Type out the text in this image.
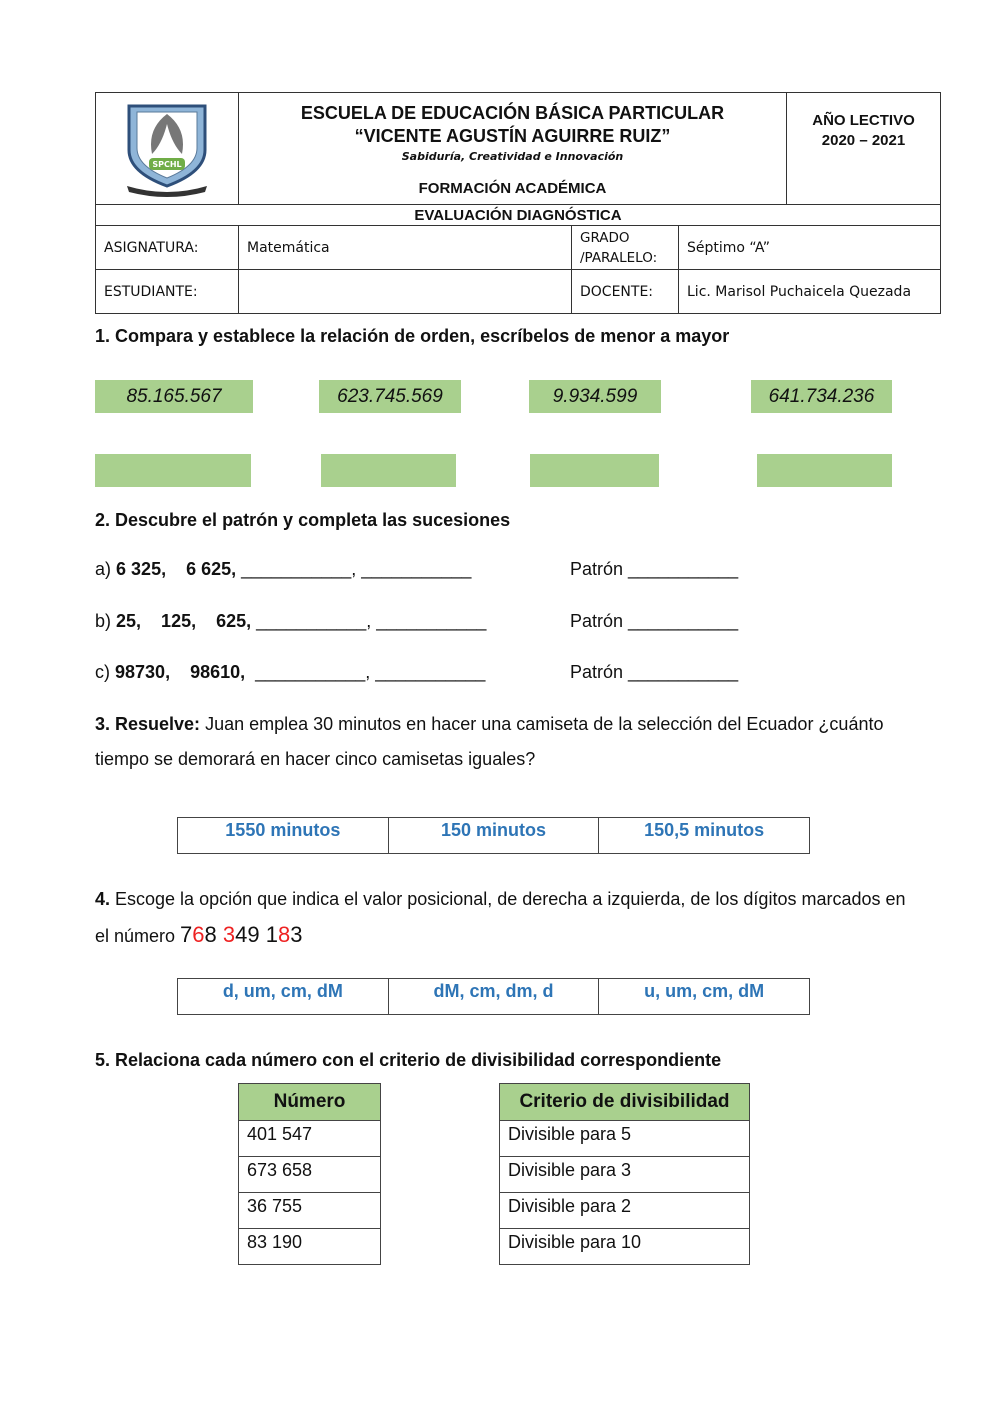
SPCHL

ESCUELA DE EDUCACIÓN BÁSICA PARTICULAR
“VICENTE AGUSTÍN AGUIRRE RUIZ”
Sabiduría, Creatividad e Innovación
FORMACIÓN ACADÉMICA

AÑO LECTIVO
2020 – 2021

EVALUACIÓN DIAGNÓSTICA
ASIGNATURA:	Matemática	GRADO /PARALELO:	Séptimo “A”
ESTUDIANTE:		DOCENTE:	Lic. Marisol Puchaicela Quezada
1. Compara y establece la relación de orden, escríbelos de menor a mayor
85.165.567	623.745.569	9.934.599	641.734.236
2. Descubre el patrón y completa las sucesiones
a) 6 325,    6 625, ___________, ___________	Patrón ___________
b) 25,    125,    625, ___________, ___________	Patrón ___________
c) 98730,    98610,  ___________, ___________	Patrón ___________
3. Resuelve: Juan emplea 30 minutos en hacer una camiseta de la selección del Ecuador ¿cuánto tiempo se demorará en hacer cinco camisetas iguales?
1550 minutos	150 minutos	150,5 minutos
4. Escoge la opción que indica el valor posicional, de derecha a izquierda, de los dígitos marcados en el número 768 349 183
d, um, cm, dM	dM, cm, dm, d	u, um, cm, dM
5. Relaciona cada número con el criterio de divisibilidad correspondiente
Número
401 547
673 658
36 755
83 190
Criterio de divisibilidad
Divisible para 5
Divisible para 3
Divisible para 2
Divisible para 10
